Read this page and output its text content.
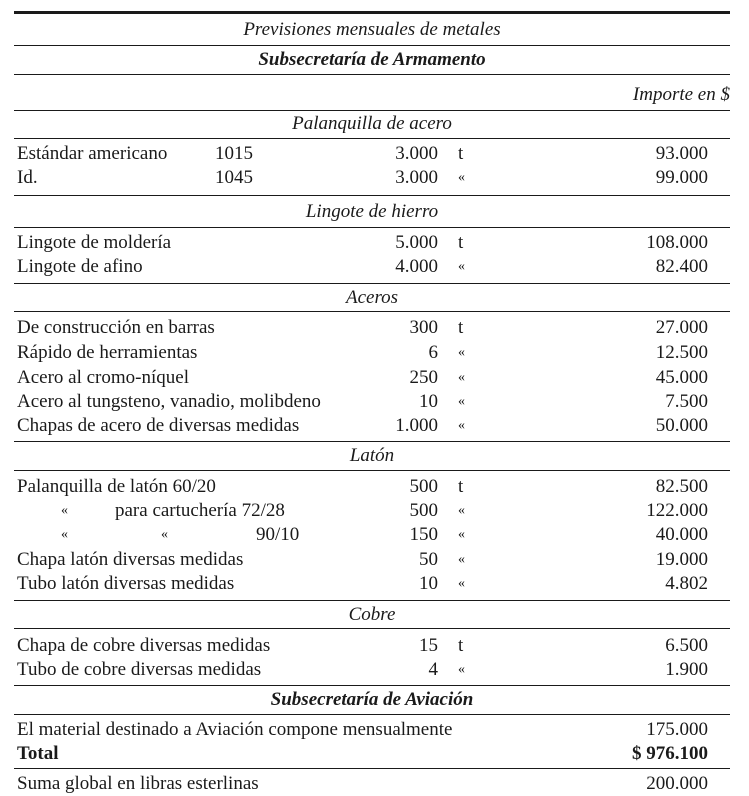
Previsiones mensuales de metales
Subsecretaría de Armamento
Importe en $
Palanquilla de acero
Estándar americano	1015	3.000 t	93.000
Id.	1045	3.000 «	99.000
Lingote de hierro
Lingote de moldería	5.000 t	108.000
Lingote de afino	4.000 «	82.400
Aceros
De construcción en barras	300 t	27.000
Rápido de herramientas	6 «	12.500
Acero al cromo-níquel	250 «	45.000
Acero al tungsteno, vanadio, molibdeno	10 «	7.500
Chapas de acero de diversas medidas	1.000 «	50.000
Latón
Palanquilla de latón 60/20	500 t	82.500
« para cartuchería 72/28	500 «	122.000
«	«	90/10	150 «	40.000
Chapa latón diversas medidas	50 «	19.000
Tubo latón diversas medidas	10 «	4.802
Cobre
Chapa de cobre diversas medidas	15 t	6.500
Tubo de cobre diversas medidas	4 «	1.900
Subsecretaría de Aviación
El material destinado a Aviación compone mensualmente	175.000
Total	$ 976.100
Suma global en libras esterlinas	200.000
